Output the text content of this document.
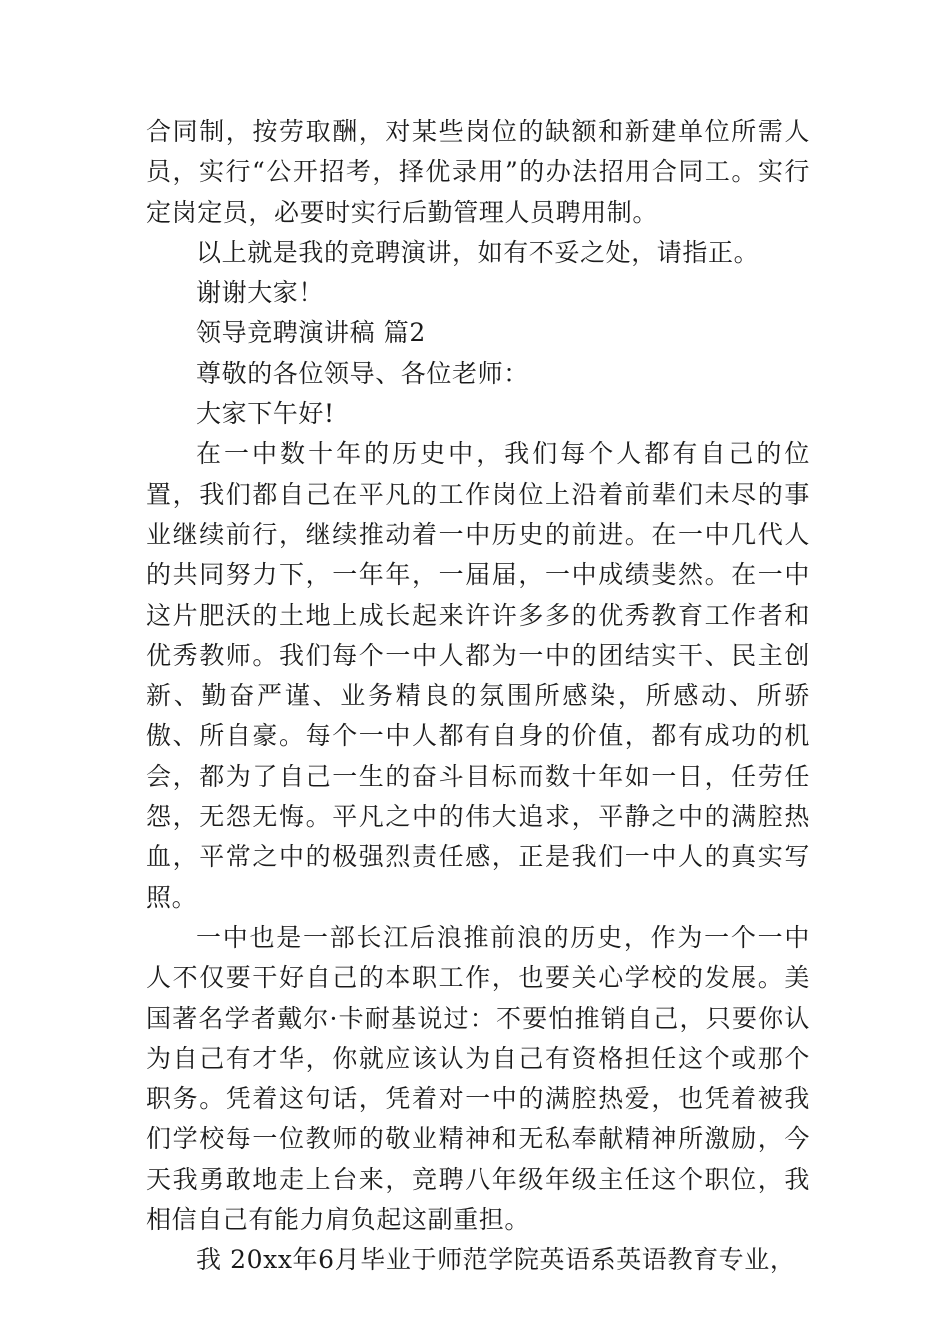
合同制，按劳取酬，对某些岗位的缺额和新建单位所需人员，实行“公开招考，择优录用”的办法招用合同工。实行定岗定员，必要时实行后勤管理人员聘用制。

以上就是我的竞聘演讲，如有不妥之处，请指正。

谢谢大家！

领导竞聘演讲稿 篇2

尊敬的各位领导、各位老师：

大家下午好!

在一中数十年的历史中，我们每个人都有自己的位置，我们都自己在平凡的工作岗位上沿着前辈们未尽的事业继续前行，继续推动着一中历史的前进。在一中几代人的共同努力下，一年年，一届届，一中成绩斐然。在一中这片肥沃的土地上成长起来许许多多的优秀教育工作者和优秀教师。我们每个一中人都为一中的团结实干、民主创新、勤奋严谨、业务精良的氛围所感染，所感动、所骄傲、所自豪。每个一中人都有自身的价值，都有成功的机会，都为了自己一生的奋斗目标而数十年如一日，任劳任怨，无怨无悔。平凡之中的伟大追求，平静之中的满腔热血，平常之中的极强烈责任感，正是我们一中人的真实写照。

一中也是一部长江后浪推前浪的历史，作为一个一中人不仅要干好自己的本职工作，也要关心学校的发展。美国著名学者戴尔·卡耐基说过：不要怕推销自己，只要你认为自己有才华，你就应该认为自己有资格担任这个或那个职务。凭着这句话，凭着对一中的满腔热爱，也凭着被我们学校每一位教师的敬业精神和无私奉献精神所激励，今天我勇敢地走上台来，竞聘八年级年级主任这个职位，我相信自己有能力肩负起这副重担。

我 20xx年6月毕业于师范学院英语系英语教育专业，
